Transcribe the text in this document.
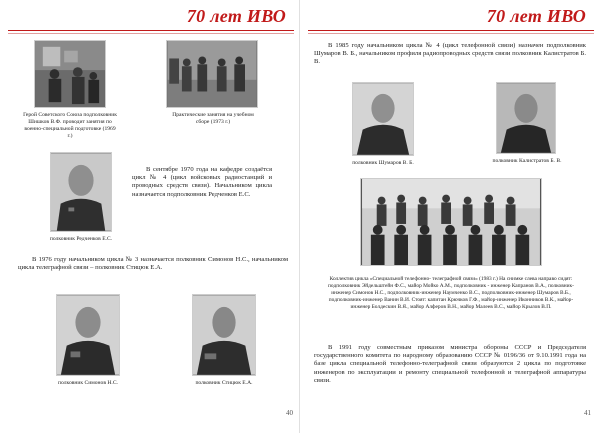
70 лет ИВО
Герой Советского Союза подполковник Шишков В.Ф. проводит занятия по военно-специальной подготовке (1969 г.)
Практические занятия на учебном сборе (1973 г.)
полковник Редченков Е.С.
В сентябре 1970 года на кафедре создаётся цикл № 4 (цикл войсковых радиостанций и проводных средств связи). Начальником цикла назначается подполковник Редченков Е.С.
В 1976 году начальником цикла № 3 назначается полковник Симонов Н.С., начальником цикла телеграфной связи – полковник Стицюк Е.А.
полковник Симонов Н.С.	полковник Стицюк Е.А.
40
70 лет ИВО
В 1985 году начальником цикла № 4 (цикл телефонной связи) назначен подполковник Шумаров В. Б., начальником профиля радиопроводных средств связи полковник Калистратов Б. В.
полковник Шумаров В. Б.	полковник Калистратов Б. В.
Коллектив цикла «Специальной телефонно- телеграфной связи» (1983 г.) На снимке слева направо сидят: подполковник Эйдельштейн Ф.С., майор Мойко А.М., подполковник - инженер Капранов В.А., полковник-инженер Симонов Н.С., подполковник-инженер Наумченко В.С., подполковник-инженер Шумаров В.Б., подполковник-инженер Ванин В.И. Стоят: капитан Крючков Г.Ф., майор-инженер Иконников В.К., майор-инженер Болдескин В.Я., майор Алферов В.Н., майор Малеев В.С., майор Крылов В.П.
В 1991 году совместным приказом министра обороны СССР и Председателя государственного комитета по народному образованию СССР № 0196/36 от 9.10.1991 года на базе цикла специальной телефонно-телеграфной связи образуются 2 цикла по подготовке инженеров по эксплуатации и ремонту специальной телефонной и телеграфной аппаратуры связи.
41
